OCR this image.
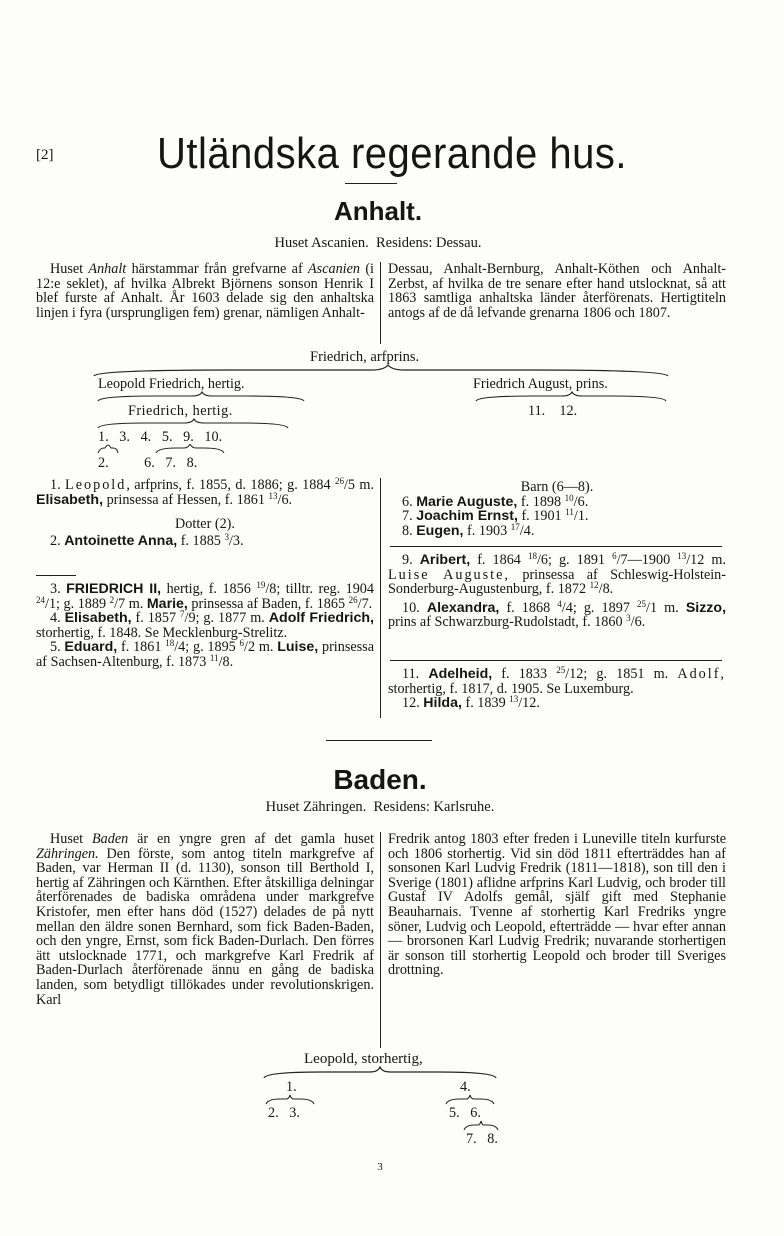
[2]	Utländska regerande hus.
Anhalt.
Huset Ascanien.  Residens: Dessau.
Huset Anhalt härstammar från grefvarne af Ascanien (i 12:e seklet), af hvilka Albrekt Björnens sonson Henrik I blef furste af Anhalt. År 1603 delade sig den anhaltska linjen i fyra (ursprungligen fem) grenar, nämligen Anhalt-
Dessau, Anhalt-Bernburg, Anhalt-Köthen och Anhalt-Zerbst, af hvilka de tre senare efter hand utslocknat, så att 1863 samtliga anhaltska länder återförenats. Hertigtiteln antogs af de då lefvande grenarna 1806 och 1807.
Friedrich, arfprins.
Leopold Friedrich, hertig.	Friedrich August, prins.
Friedrich, hertig.	11.    12.
1.   3.   4.   5.   9.   10.
2.          6.   7.   8.

1. Leopold, arfprins, f. 1855, d. 1886; g. 1884 $^{26}$/5 m. Elisabeth, prinsessa af Hessen, f. 1861 $^{13}$/6.

Dotter (2).

2. Antoinette Anna, f. 1885 $^3$/3.

3. FRIEDRICH II, hertig, f. 1856 $^{19}$/8; tilltr. reg. 1904 $^{24}$/1; g. 1889 $^2$/7 m. Marie, prinsessa af Baden, f. 1865 $^{26}$/7.

4. Elisabeth, f. 1857 $^7$/9; g. 1877 m. Adolf Friedrich, storhertig, f. 1848. Se Mecklenburg-Strelitz.

5. Eduard, f. 1861 $^{18}$/4; g. 1895 $^6$/2 m. Luise, prinsessa af Sachsen-Altenburg, f. 1873 $^{11}$/8.

Barn (6—8).

6. Marie Auguste, f. 1898 $^{10}$/6.

7. Joachim Ernst, f. 1901 $^{11}$/1.

8. Eugen, f. 1903 $^{17}$/4.

9. Aribert, f. 1864 $^{18}$/6; g. 1891 $^6$/7—1900 $^{13}$/12 m. Luise Auguste, prinsessa af Schleswig-Holstein-Sonderburg-Augustenburg, f. 1872 $^{12}$/8.

10. Alexandra, f. 1868 $^4$/4; g. 1897 $^{25}$/1 m. Sizzo, prins af Schwarzburg-Rudolstadt, f. 1860 $^3$/6.

11. Adelheid, f. 1833 $^{25}$/12; g. 1851 m. Adolf, storhertig, f. 1817, d. 1905. Se Luxemburg.

12. Hilda, f. 1839 $^{13}$/12.

Baden.
Huset Zähringen.  Residens: Karlsruhe.
Huset Baden är en yngre gren af det gamla huset Zähringen. Den förste, som antog titeln markgrefve af Baden, var Herman II (d. 1130), sonson till Berthold I, hertig af Zähringen och Kärnthen. Efter åtskilliga delningar återförenades de badiska områdena under markgrefve Kristofer, men efter hans död (1527) delades de på nytt mellan den äldre sonen Bernhard, som fick Baden-Baden, och den yngre, Ernst, som fick Baden-Durlach. Den förres ätt utslocknade 1771, och markgrefve Karl Fredrik af Baden-Durlach återförenade ännu en gång de badiska landen, som betydligt tillökades under revolutionskrigen. Karl
Fredrik antog 1803 efter freden i Luneville titeln kurfurste och 1806 storhertig. Vid sin död 1811 efterträddes han af sonsonen Karl Ludvig Fredrik (1811—1818), son till den i Sverige (1801) aflidne arfprins Karl Ludvig, och broder till Gustaf IV Adolfs gemål, själf gift med Stephanie Beauharnais. Tvenne af storhertig Karl Fredriks yngre söner, Ludvig och Leopold, efterträdde — hvar efter annan — brorsonen Karl Ludvig Fredrik; nuvarande storhertigen är sonson till storhertig Leopold och broder till Sveriges drottning.
Leopold, storhertig,
1.	4.
2.   3.	5.   6.
7.   8.
3
